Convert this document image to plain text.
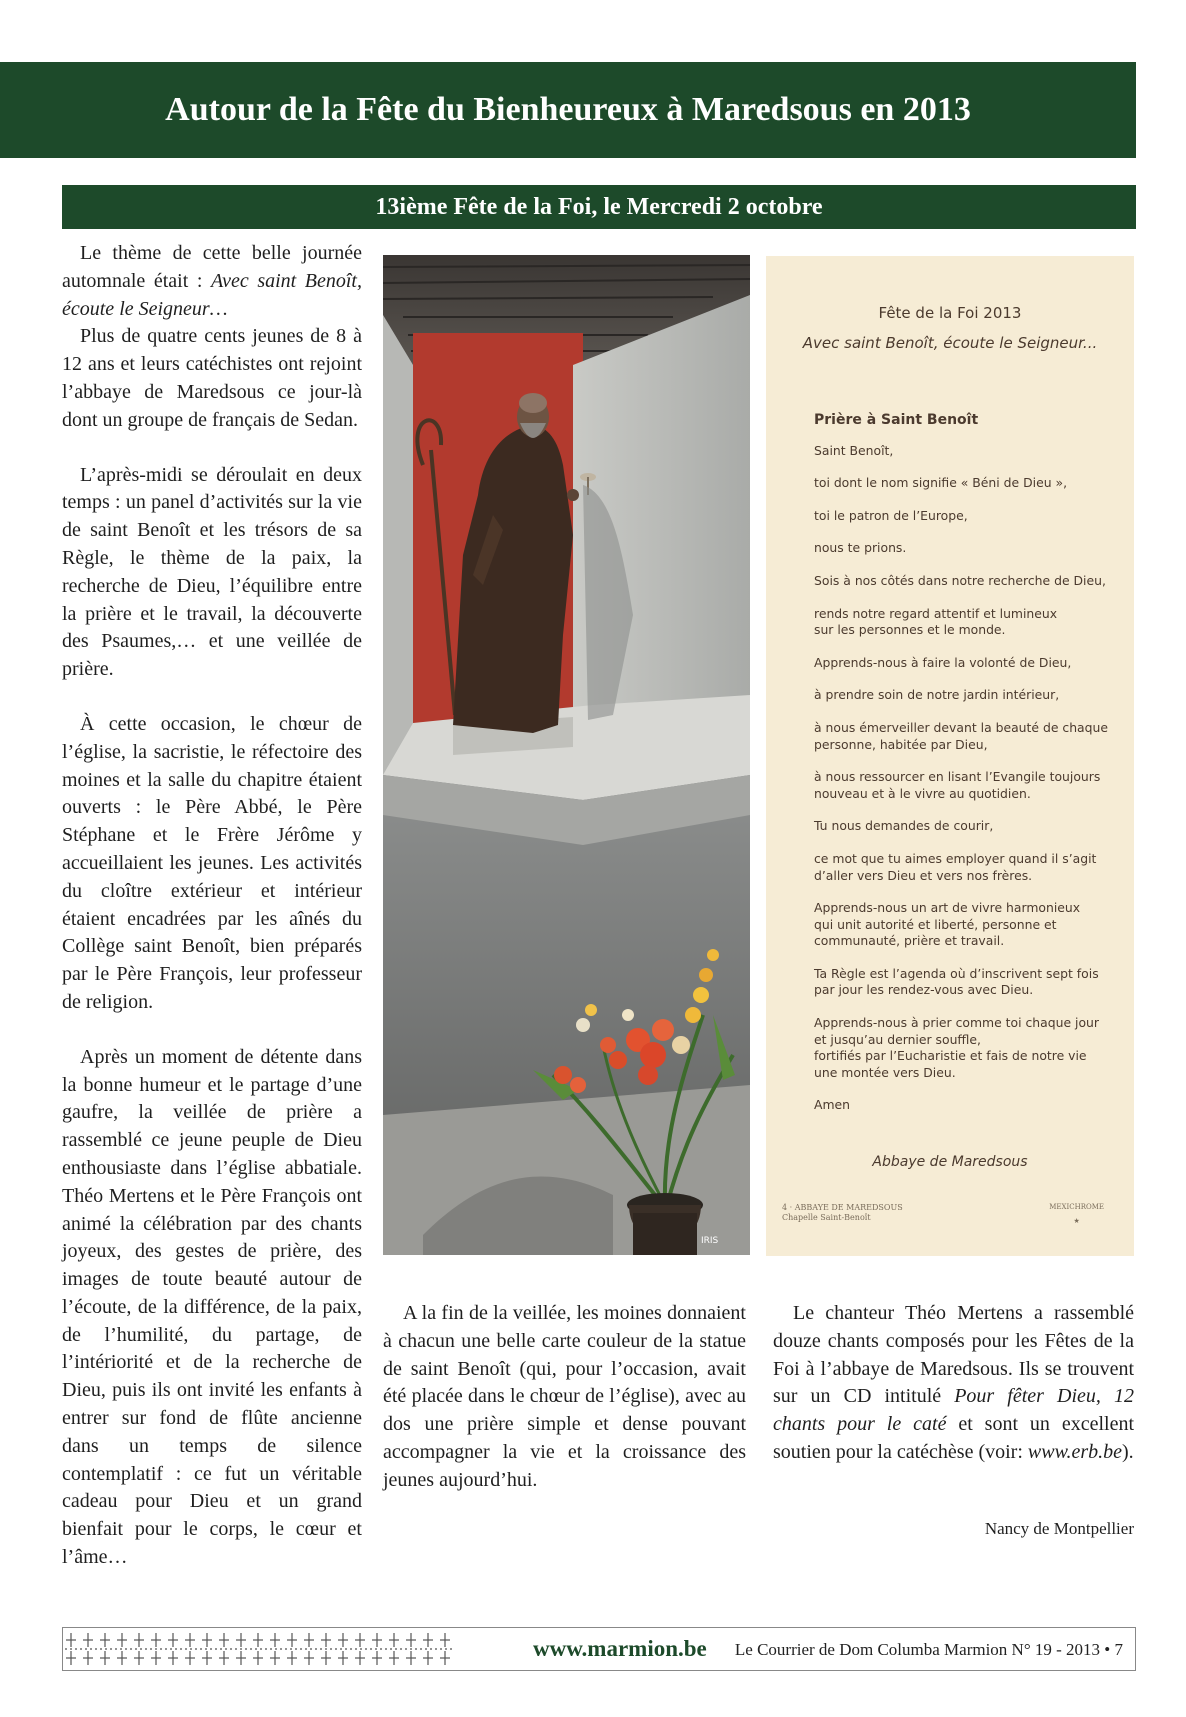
Autour de la Fête du Bienheureux à Maredsous en 2013
13ième Fête de la Foi, le Mercredi 2 octobre

Le thème de cette belle journée automnale était : Avec saint Benoît, écoute le Seigneur…

Plus de quatre cents jeunes de 8 à 12 ans et leurs catéchistes ont rejoint l’abbaye de Maredsous ce jour-là dont un groupe de français de Sedan.

L’après-midi se déroulait en deux temps : un panel d’activités sur la vie de saint Benoît et les trésors de sa Règle, le thème de la paix, la recherche de Dieu, l’équilibre entre la prière et le travail, la découverte des Psaumes,… et une veillée de prière.

À cette occasion, le chœur de l’église, la sacristie, le réfectoire des moines et la salle du chapitre étaient ouverts : le Père Abbé, le Père Stéphane et le Frère Jérôme y accueillaient les jeunes. Les activités du cloître extérieur et intérieur étaient encadrées par les aînés du Collège saint Benoît, bien préparés par le Père François, leur professeur de religion.

Après un moment de détente dans la bonne humeur et le partage d’une gaufre, la veillée de prière a rassemblé ce jeune peuple de Dieu enthousiaste dans l’église abbatiale. Théo Mertens et le Père François ont animé la célébration par des chants joyeux, des gestes de prière, des images de toute beauté autour de l’écoute, de la différence, de la paix, de l’humilité, du partage, de l’intériorité et de la recherche de Dieu, puis ils ont invité les enfants à entrer sur fond de flûte ancienne dans un temps de silence contemplatif : ce fut un véritable cadeau pour Dieu et un grand bienfait pour le corps, le cœur et l’âme…

IRIS
Fête de la Foi 2013
Avec saint Benoît, écoute le Seigneur...
Prière à Saint Benoît
Saint Benoît,
toi dont le nom signifie « Béni de Dieu »,
toi le patron de l’Europe,
nous te prions.
Sois à nos côtés dans notre recherche de Dieu,
rends notre regard attentif et lumineux
sur les personnes et le monde.
Apprends-nous à faire la volonté de Dieu,
à prendre soin de notre jardin intérieur,
à nous émerveiller devant la beauté de chaque
personne, habitée par Dieu,
à nous ressourcer en lisant l’Evangile toujours
nouveau et à le vivre au quotidien.
Tu nous demandes de courir,
ce mot que tu aimes employer quand il s’agit
d’aller vers Dieu et vers nos frères.
Apprends-nous un art de vivre harmonieux
qui unit autorité et liberté, personne et
communauté, prière et travail.
Ta Règle est l’agenda où d’inscrivent sept fois
par jour les rendez-vous avec Dieu.
Apprends-nous à prier comme toi chaque jour
et jusqu’au dernier souffle,
fortifiés par l’Eucharistie et fais de notre vie
une montée vers Dieu.
Amen
Abbaye de Maredsous
4 · ABBAYE DE MAREDSOUS
Chapelle Saint-Benoît
MEXICHROME
★

A la fin de la veillée, les moines donnaient à chacun une belle carte couleur de la statue de saint Benoît (qui, pour l’occasion, avait été placée dans le chœur de l’église), avec au dos une prière simple et dense pouvant accompagner la vie et la croissance des jeunes aujourd’hui.

Le chanteur Théo Mertens a rassemblé douze chants composés pour les Fêtes de la Foi à l’abbaye de Maredsous. Ils se trouvent sur un CD intitulé Pour fêter Dieu, 12 chants pour le caté et sont un excellent soutien pour la catéchèse (voir: www.erb.be).

Nancy de Montpellier
www.marmion.be Le Courrier de Dom Columba Marmion N° 19 - 2013 • 7
